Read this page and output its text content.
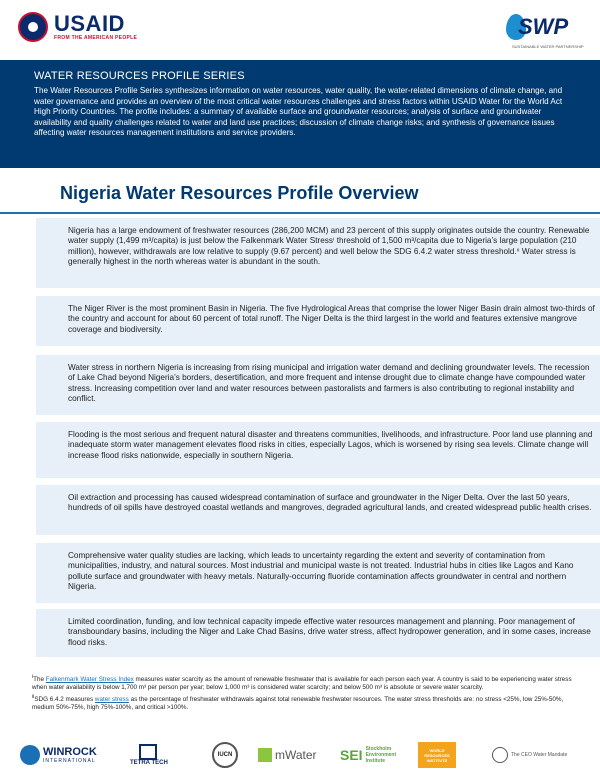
USAID
FROM THE AMERICAN PEOPLE	SWP
SUSTAINABLE WATER PARTNERSHIP
WATER RESOURCES PROFILE SERIES
The Water Resources Profile Series synthesizes information on water resources, water quality, the water-related dimensions of climate change, and water governance and provides an overview of the most critical water resources challenges and stress factors within USAID Water for the World Act High Priority Countries. The profile includes: a summary of available surface and groundwater resources; analysis of surface and groundwater availability and quality challenges related to water and land use practices; discussion of climate change risks; and synthesis of governance issues affecting water resources management institutions and service providers.
Nigeria Water Resources Profile Overview
Nigeria has a large endowment of freshwater resources (286,200 MCM) and 23 percent of this supply originates outside the country. Renewable water supply (1,499 m³/capita) is just below the Falkenmark Water Stressⁱ threshold of 1,500 m³/capita due to Nigeria’s large population (210 million), however, withdrawals are low relative to supply (9.67 percent) and well below the SDG 6.4.2 water stress threshold.ⁱⁱ Water stress is generally highest in the north whereas water is abundant in the south.
The Niger River is the most prominent Basin in Nigeria. The five Hydrological Areas that comprise the lower Niger Basin drain almost two-thirds of the country and account for about 60 percent of total runoff. The Niger Delta is the third largest in the world and features extensive mangrove coverage and biodiversity.
Water stress in northern Nigeria is increasing from rising municipal and irrigation water demand and declining groundwater levels. The recession of Lake Chad beyond Nigeria’s borders, desertification, and more frequent and intense drought due to climate change have compounded water stress. Increasing competition over land and water resources between pastoralists and farmers is also contributing to regional instability and conflict.
Flooding is the most serious and frequent natural disaster and threatens communities, livelihoods, and infrastructure. Poor land use planning and inadequate storm water management elevates flood risks in cities, especially Lagos, which is worsened by rising sea levels. Climate change will increase flood risks nationwide, especially in southern Nigeria.
Oil extraction and processing has caused widespread contamination of surface and groundwater in the Niger Delta. Over the last 50 years, hundreds of oil spills have destroyed coastal wetlands and mangroves, degraded agricultural lands, and created widespread public health crises.
Comprehensive water quality studies are lacking, which leads to uncertainty regarding the extent and severity of contamination from municipalities, industry, and natural sources. Most industrial and municipal waste is not treated. Industrial hubs in cities like Lagos and Kano pollute surface and groundwater with heavy metals. Naturally-occurring fluoride contamination affects groundwater in central and northern Nigeria.
Limited coordination, funding, and low technical capacity impede effective water resources management and planning. Poor management of transboundary basins, including the Niger and Lake Chad Basins, drive water stress, affect hydropower generation, and in some cases, increase flood risks.
$^i$The Falkenmark Water Stress Index measures water scarcity as the amount of renewable freshwater that is available for each person each year. A country is said to be experiencing water stress when water availability is below 1,700 m³ per person per year; below 1,000 m³ is considered water scarcity; and below 500 m³ is absolute or severe water scarcity.
$^{ii}$SDG 6.4.2 measures water stress as the percentage of freshwater withdrawals against total renewable freshwater resources. The water stress thresholds are: no stress <25%, low 25%-50%, medium 50%-75%, high 75%-100%, and critical >100%.
WINROCK
INTERNATIONAL	TETRA TECH
IUCN	mWater SEI Stockholm Environment Institute
WORLD RESOURCES INSTITUTE
The CEO Water Mandate
